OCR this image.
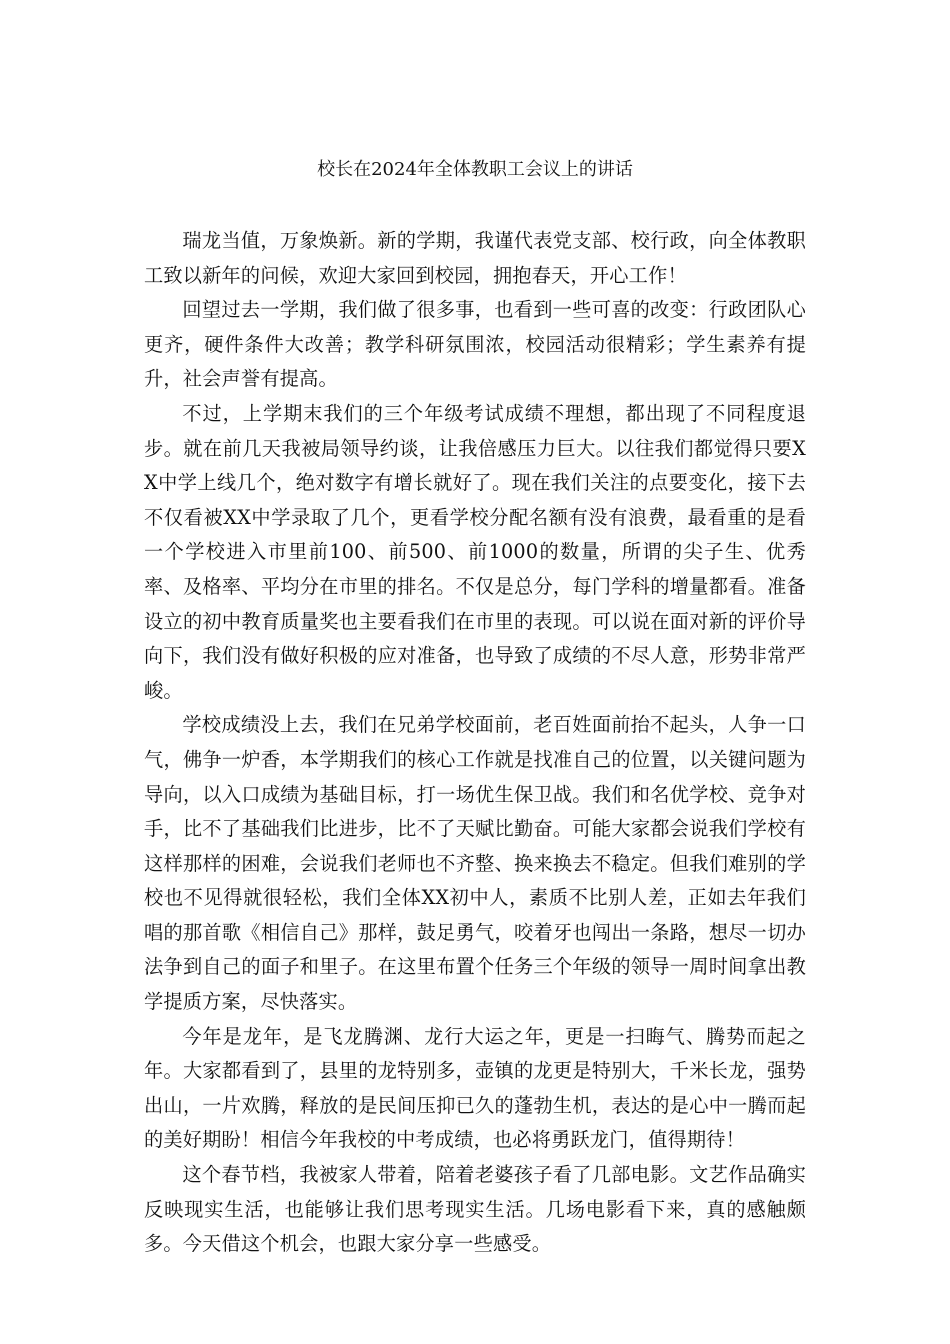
校长在2024年全体教职工会议上的讲话

瑞龙当值，万象焕新。新的学期，我谨代表党支部、校行政，向全体教职工致以新年的问候，欢迎大家回到校园，拥抱春天，开心工作！

回望过去一学期，我们做了很多事，也看到一些可喜的改变：行政团队心更齐，硬件条件大改善；教学科研氛围浓，校园活动很精彩；学生素养有提升，社会声誉有提高。

不过，上学期末我们的三个年级考试成绩不理想，都出现了不同程度退步。就在前几天我被局领导约谈，让我倍感压力巨大。以往我们都觉得只要XX中学上线几个，绝对数字有增长就好了。现在我们关注的点要变化，接下去不仅看被XX中学录取了几个，更看学校分配名额有没有浪费，最看重的是看一个学校进入市里前100、前500、前1000的数量，所谓的尖子生、优秀率、及格率、平均分在市里的排名。不仅是总分，每门学科的增量都看。准备设立的初中教育质量奖也主要看我们在市里的表现。可以说在面对新的评价导向下，我们没有做好积极的应对准备，也导致了成绩的不尽人意，形势非常严峻。

学校成绩没上去，我们在兄弟学校面前，老百姓面前抬不起头，人争一口气，佛争一炉香，本学期我们的核心工作就是找准自己的位置，以关键问题为导向，以入口成绩为基础目标，打一场优生保卫战。我们和名优学校、竞争对手，比不了基础我们比进步，比不了天赋比勤奋。可能大家都会说我们学校有这样那样的困难，会说我们老师也不齐整、换来换去不稳定。但我们难别的学校也不见得就很轻松，我们全体XX初中人，素质不比别人差，正如去年我们唱的那首歌《相信自己》那样，鼓足勇气，咬着牙也闯出一条路，想尽一切办法争到自己的面子和里子。在这里布置个任务三个年级的领导一周时间拿出教学提质方案，尽快落实。

今年是龙年，是飞龙腾渊、龙行大运之年，更是一扫晦气、腾势而起之年。大家都看到了，县里的龙特别多，壶镇的龙更是特别大，千米长龙，强势出山，一片欢腾，释放的是民间压抑已久的蓬勃生机，表达的是心中一腾而起的美好期盼！相信今年我校的中考成绩，也必将勇跃龙门，值得期待！

这个春节档，我被家人带着，陪着老婆孩子看了几部电影。文艺作品确实反映现实生活，也能够让我们思考现实生活。几场电影看下来，真的感触颇多。今天借这个机会，也跟大家分享一些感受。
